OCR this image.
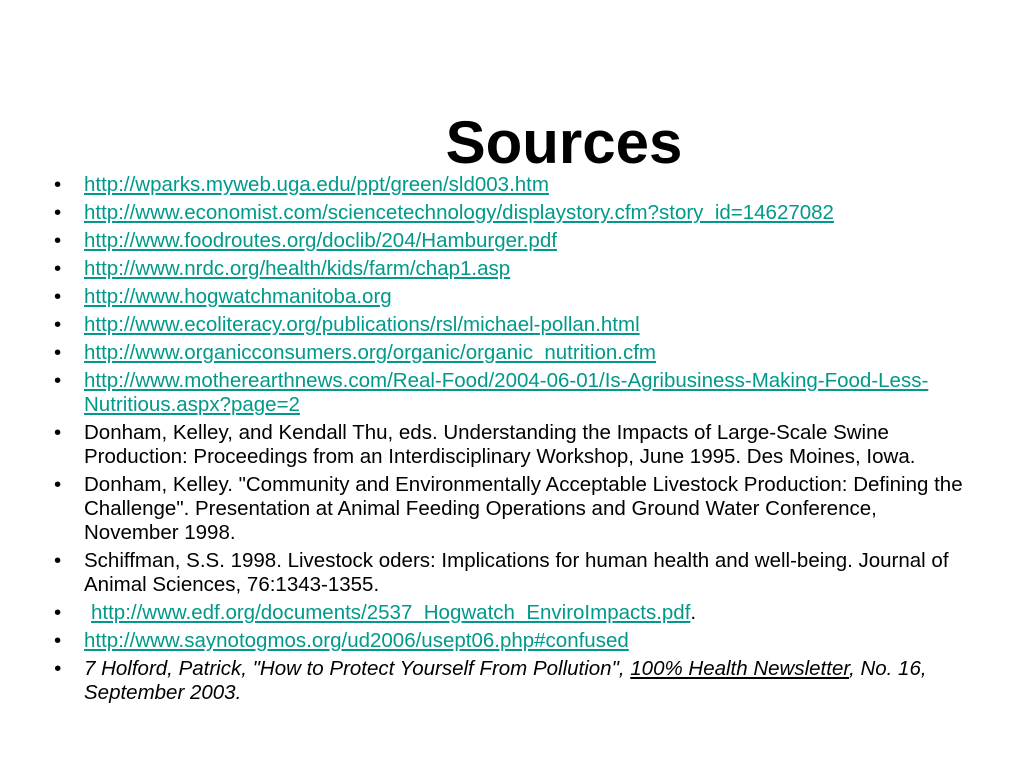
Sources
•	http://wparks.myweb.uga.edu/ppt/green/sld003.htm
•	http://www.economist.com/sciencetechnology/displaystory.cfm?story_id=14627082
•	http://www.foodroutes.org/doclib/204/Hamburger.pdf
•	http://www.nrdc.org/health/kids/farm/chap1.asp
•	http://www.hogwatchmanitoba.org
•	http://www.ecoliteracy.org/publications/rsl/michael-pollan.html
•	http://www.organicconsumers.org/organic/organic_nutrition.cfm
•	http://www.motherearthnews.com/Real-Food/2004-06-01/Is-Agribusiness-Making-Food-Less-Nutritious.aspx?page=2
•	Donham, Kelley, and Kendall Thu, eds. Understanding the Impacts of Large-Scale Swine Production: Proceedings from an Interdisciplinary Workshop, June 1995. Des Moines, Iowa.
•	Donham, Kelley. "Community and Environmentally Acceptable Livestock Production: Defining the Challenge". Presentation at Animal Feeding Operations and Ground Water Conference, November 1998.
•	Schiffman, S.S. 1998. Livestock oders: Implications for human health and well-being. Journal of Animal Sciences, 76:1343-1355.
•	http://www.edf.org/documents/2537_Hogwatch_EnviroImpacts.pdf.
•	http://www.saynotogmos.org/ud2006/usept06.php#confused
•	7 Holford, Patrick, "How to Protect Yourself From Pollution", 100% Health Newsletter, No. 16, September 2003.
